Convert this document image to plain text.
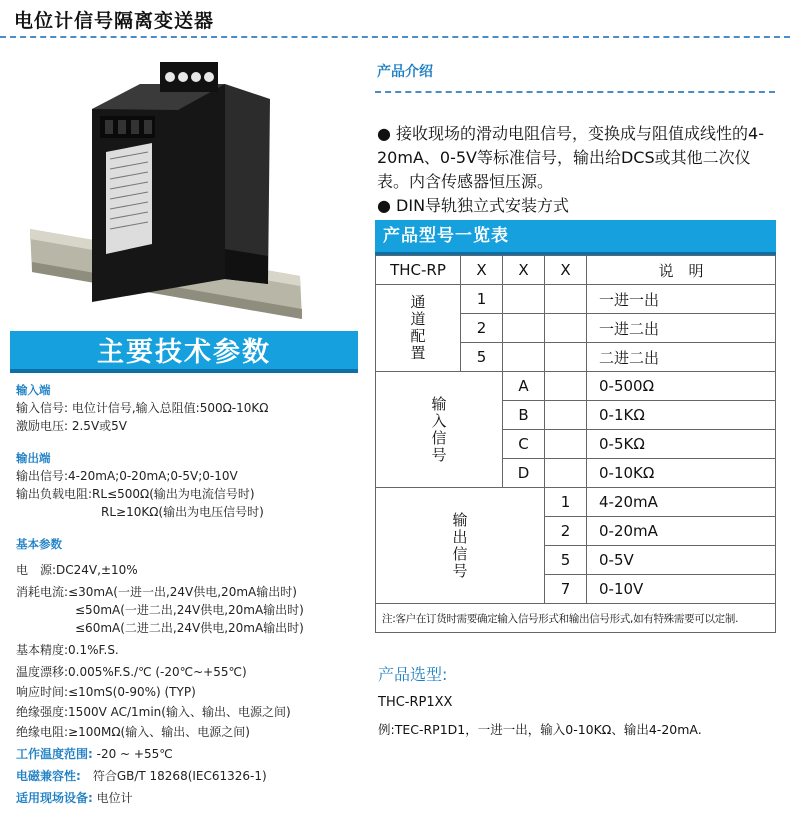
电位计信号隔离变送器
主要技术参数
输入端
输入信号: 电位计信号,输入总阻值:500Ω-10KΩ
激励电压: 2.5V或5V
输出端
输出信号:4-20mA;0-20mA;0-5V;0-10V
输出负载电阻:RL≤500Ω(输出为电流信号时)
RL≥10KΩ(输出为电压信号时)
基本参数
电　源:DC24V,±10%
消耗电流:≤30mA(一进一出,24V供电,20mA输出时)
≤50mA(一进二出,24V供电,20mA输出时)
≤60mA(二进二出,24V供电,20mA输出时)
基本精度:0.1%F.S.
温度漂移:0.005%F.S./℃ (-20℃~+55℃)
响应时间:≤10mS(0-90%) (TYP)
绝缘强度:1500V AC/1min(输入、输出、电源之间)
绝缘电阻:≥100MΩ(输入、输出、电源之间)
工作温度范围: -20 ~ +55℃
电磁兼容性:　符合GB/T 18268(IEC61326-1)
适用现场设备: 电位计
产品介绍
● 接收现场的滑动电阻信号，变换成与阻值成线性的4-20mA、0-5V等标准信号，输出给DCS或其他二次仪表。内含传感器恒压源。
● DIN导轨独立式安装方式
产品型号一览表
THC-RP	X	X	X	说　明

通道配置	1			一进一出
	2			一进二出
	5			二进二出

输入信号		A		0-500Ω
		B		0-1KΩ
		C		0-5KΩ
		D		0-10KΩ

输出信号			1	4-20mA
			2	0-20mA
			5	0-5V
			7	0-10V
注:客户在订货时需要确定输入信号形式和输出信号形式,如有特殊需要可以定制.				
产品选型:
THC-RP1XX
例:TEC-RP1D1，一进一出，输入0-10KΩ、输出4-20mA.
